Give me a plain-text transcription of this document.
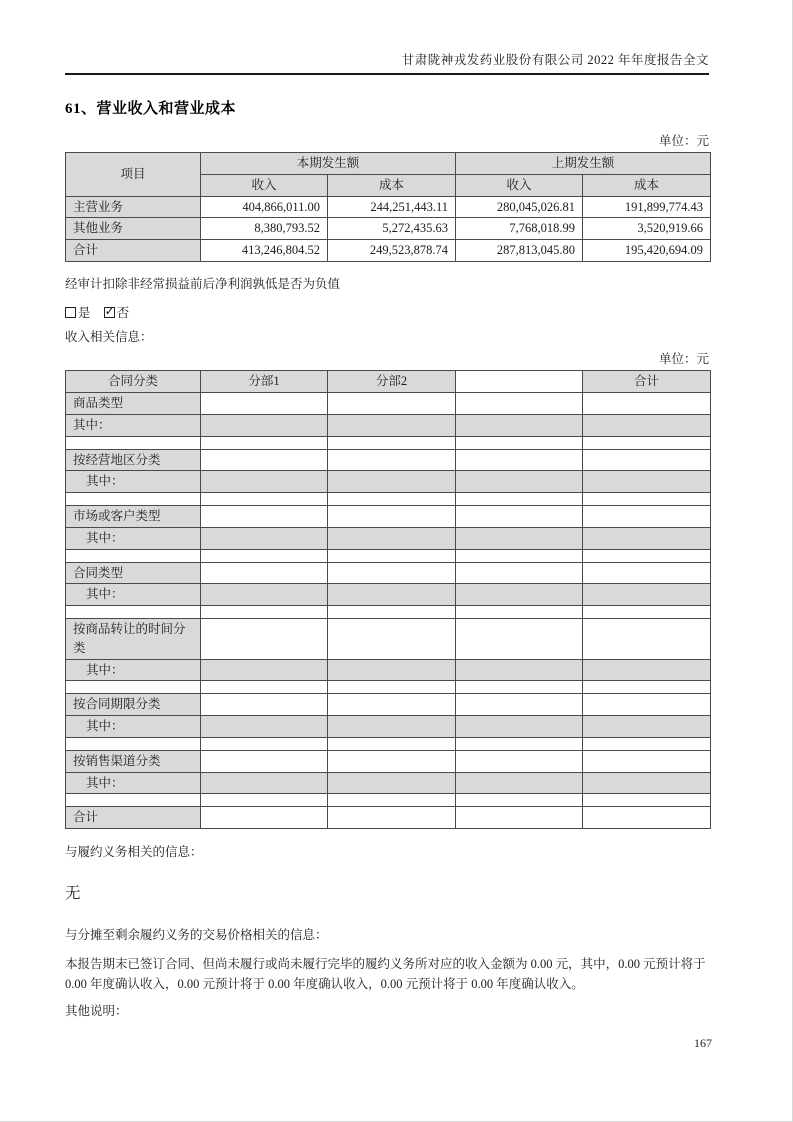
甘肃陇神戎发药业股份有限公司 2022 年年度报告全文
61、营业收入和营业成本
单位：元
项目	本期发生额		上期发生额	
	收入	成本	收入	成本
主营业务	404,866,011.00	244,251,443.11	280,045,026.81	191,899,774.43
其他业务	8,380,793.52	5,272,435.63	7,768,018.99	3,520,919.66
合计	413,246,804.52	249,523,878.74	287,813,045.80	195,420,694.09
经审计扣除非经常损益前后净利润孰低是否为负值
是 ✓ 否
收入相关信息：
单位：元
合同分类	分部1	分部2		合计
商品类型				
其中：				

按经营地区分类				
其中：				

市场或客户类型				
其中：				

合同类型				
其中：				

按商品转让的时间分类				
其中：				

按合同期限分类				
其中：				

按销售渠道分类				
其中：				

合计				
与履约义务相关的信息：
无
与分摊至剩余履约义务的交易价格相关的信息：
本报告期末已签订合同、但尚未履行或尚未履行完毕的履约义务所对应的收入金额为 0.00 元，其中，0.00 元预计将于 0.00 年度确认收入，0.00 元预计将于 0.00 年度确认收入，0.00 元预计将于 0.00 年度确认收入。
其他说明：
167
